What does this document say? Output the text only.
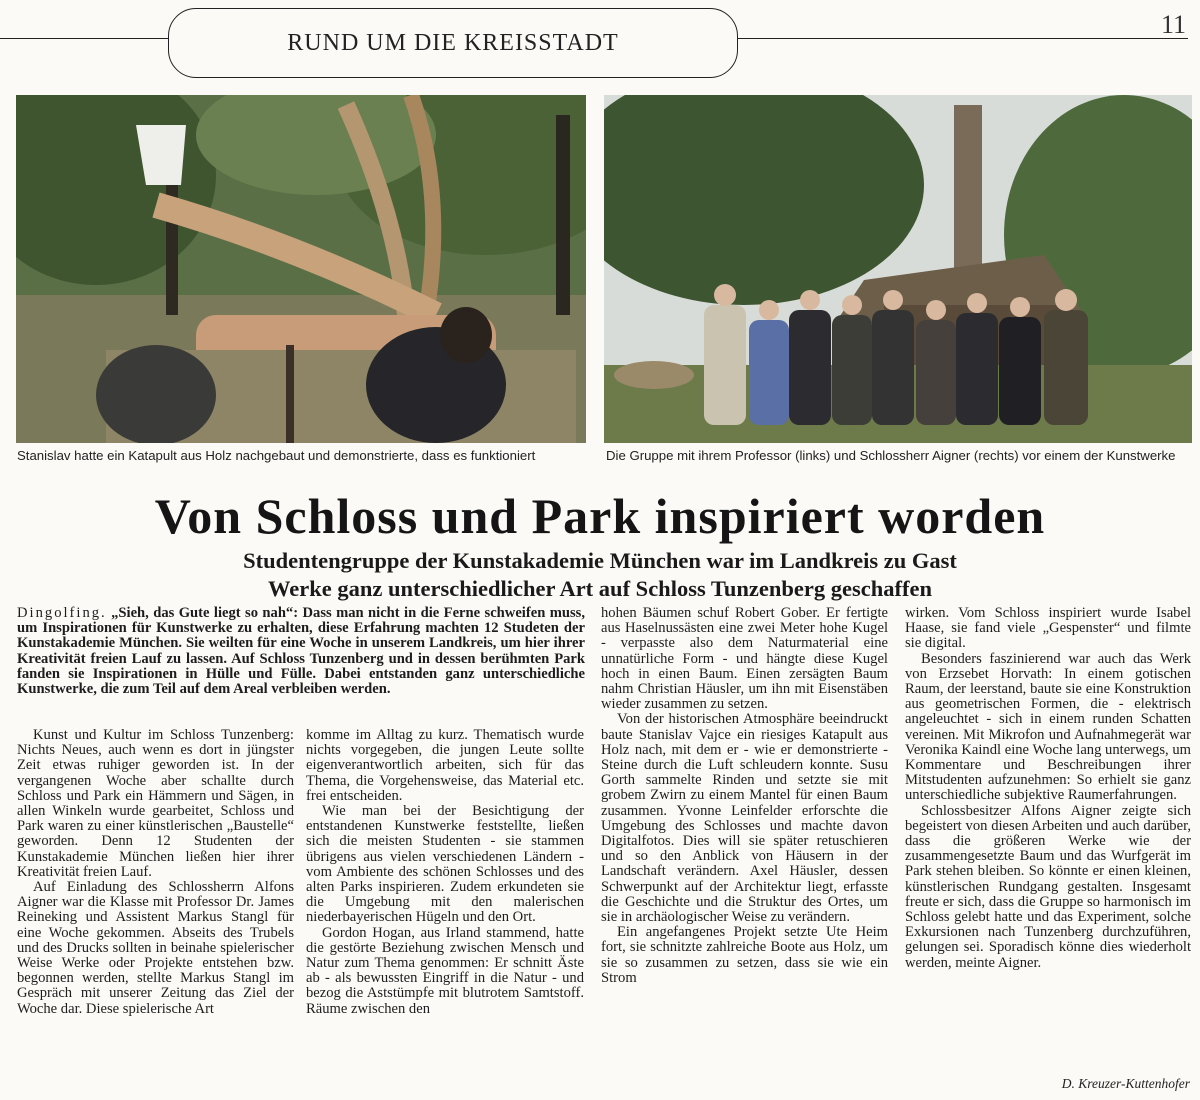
RUND UM DIE KREISSTADT
11
Stanislav hatte ein Katapult aus Holz nachgebaut und demonstrierte, dass es funktioniert	Die Gruppe mit ihrem Professor (links) und Schlossherr Aigner (rechts) vor einem der Kunstwerke
Von Schloss und Park inspiriert worden
Studentengruppe der Kunstakademie München war im Landkreis zu Gast
Werke ganz unterschiedlicher Art auf Schloss Tunzenberg geschaffen
Dingolfing. „Sieh, das Gute liegt so nah“: Dass man nicht in die Ferne schweifen muss, um Inspirationen für Kunstwerke zu erhalten, diese Erfahrung machten 12 Studeten der Kunstakademie München. Sie weilten für eine Woche in unserem Landkreis, um hier ihrer Kreativität freien Lauf zu lassen. Auf Schloss Tunzenberg und in dessen berühmten Park fanden sie Inspirationen in Hülle und Fülle. Dabei entstanden ganz unterschiedliche Kunstwerke, die zum Teil auf dem Areal verbleiben werden.

Kunst und Kultur im Schloss Tunzenberg: Nichts Neues, auch wenn es dort in jüngster Zeit etwas ruhiger geworden ist. In der vergangenen Woche aber schallte durch Schloss und Park ein Hämmern und Sägen, in allen Winkeln wurde gearbeitet, Schloss und Park waren zu einer künstlerischen „Baustelle“ geworden. Denn 12 Studenten der Kunstakademie München ließen hier ihrer Kreativität freien Lauf.

Auf Einladung des Schlossherrn Alfons Aigner war die Klasse mit Professor Dr. James Reineking und Assistent Markus Stangl für eine Woche gekommen. Abseits des Trubels und des Drucks sollten in beinahe spielerischer Weise Werke oder Projekte entstehen bzw. begonnen werden, stellte Markus Stangl im Gespräch mit unserer Zeitung das Ziel der Woche dar. Diese spielerische Art

komme im Alltag zu kurz. Thematisch wurde nichts vorgegeben, die jungen Leute sollte eigenverantwortlich arbeiten, sich für das Thema, die Vorgehensweise, das Material etc. frei entscheiden.

Wie man bei der Besichtigung der entstandenen Kunstwerke feststellte, ließen sich die meisten Studenten - sie stammen übrigens aus vielen verschiedenen Ländern - vom Ambiente des schönen Schlosses und des alten Parks inspirieren. Zudem erkundeten sie die Umgebung mit den malerischen niederbayerischen Hügeln und den Ort.

Gordon Hogan, aus Irland stammend, hatte die gestörte Beziehung zwischen Mensch und Natur zum Thema genommen: Er schnitt Äste ab - als bewussten Eingriff in die Natur - und bezog die Aststümpfe mit blutrotem Samtstoff. Räume zwischen den

hohen Bäumen schuf Robert Gober. Er fertigte aus Haselnussästen eine zwei Meter hohe Kugel - verpasste also dem Naturmaterial eine unnatürliche Form - und hängte diese Kugel hoch in einen Baum. Einen zersägten Baum nahm Christian Häusler, um ihn mit Eisenstäben wieder zusammen zu setzen.

Von der historischen Atmosphäre beeindruckt baute Stanislav Vajce ein riesiges Katapult aus Holz nach, mit dem er - wie er demonstrierte - Steine durch die Luft schleudern konnte. Susu Gorth sammelte Rinden und setzte sie mit grobem Zwirn zu einem Mantel für einen Baum zusammen. Yvonne Leinfelder erforschte die Umgebung des Schlosses und machte davon Digitalfotos. Dies will sie später retuschieren und so den Anblick von Häusern in der Landschaft verändern. Axel Häusler, dessen Schwerpunkt auf der Architektur liegt, erfasste die Geschichte und die Struktur des Ortes, um sie in archäologischer Weise zu verändern.

Ein angefangenes Projekt setzte Ute Heim fort, sie schnitzte zahlreiche Boote aus Holz, um sie so zusammen zu setzen, dass sie wie ein Strom

wirken. Vom Schloss inspiriert wurde Isabel Haase, sie fand viele „Gespenster“ und filmte sie digital.

Besonders faszinierend war auch das Werk von Erzsebet Horvath: In einem gotischen Raum, der leerstand, baute sie eine Konstruktion aus geometrischen Formen, die - elektrisch angeleuchtet - sich in einem runden Schatten vereinen. Mit Mikrofon und Aufnahmegerät war Veronika Kaindl eine Woche lang unterwegs, um Kommentare und Beschreibungen ihrer Mitstudenten aufzunehmen: So erhielt sie ganz unterschiedliche subjektive Raumerfahrungen.

Schlossbesitzer Alfons Aigner zeigte sich begeistert von diesen Arbeiten und auch darüber, dass die größeren Werke wie der zusammengesetzte Baum und das Wurfgerät im Park stehen bleiben. So könnte er einen kleinen, künstlerischen Rundgang gestalten. Insgesamt freute er sich, dass die Gruppe so harmonisch im Schloss gelebt hatte und das Experiment, solche Exkursionen nach Tunzenberg durchzuführen, gelungen sei. Sporadisch könne dies wiederholt werden, meinte Aigner.

D. Kreuzer-Kuttenhofer
